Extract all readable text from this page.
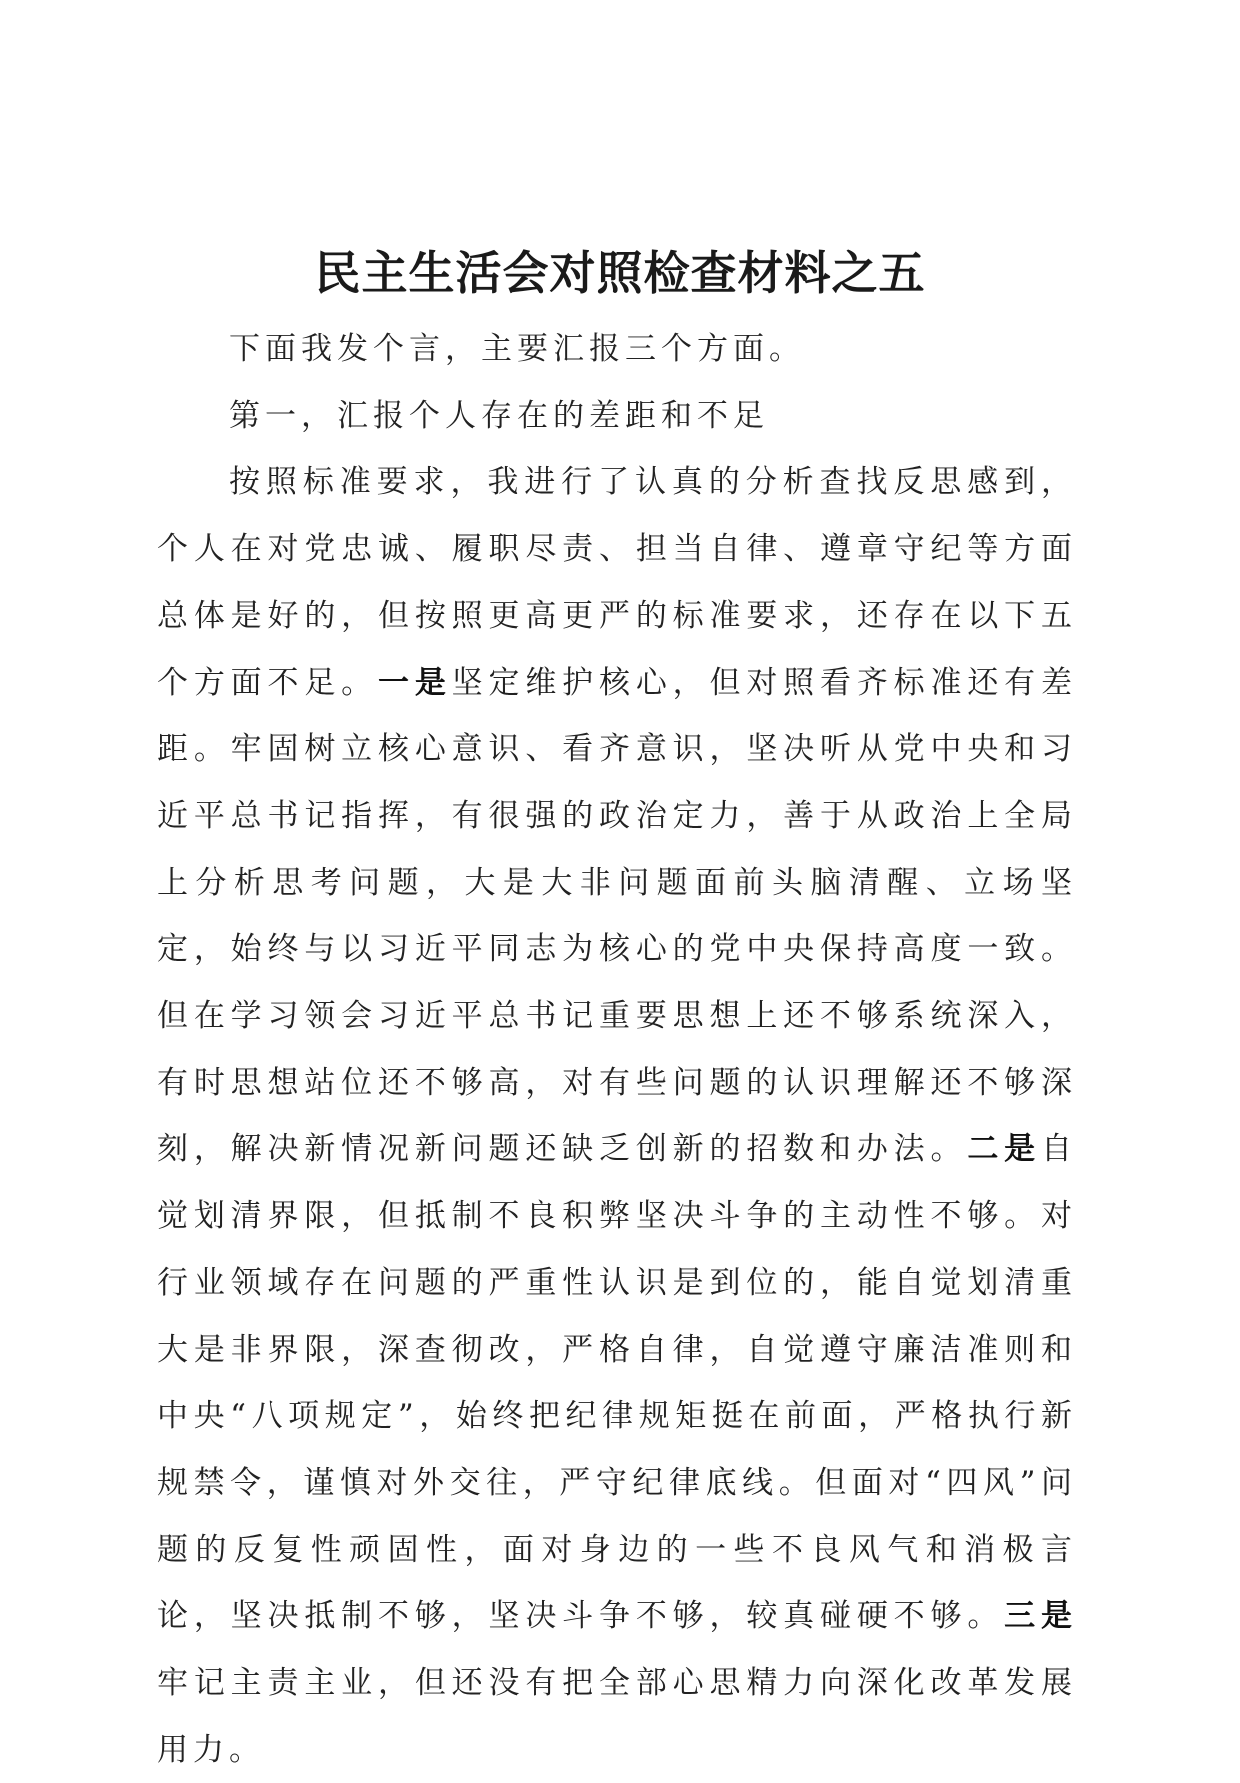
民主生活会对照检查材料之五

下面我发个言，主要汇报三个方面。

第一，汇报个人存在的差距和不足

按照标准要求，我进行了认真的分析查找反思感到，个人在对党忠诚、履职尽责、担当自律、遵章守纪等方面总体是好的，但按照更高更严的标准要求，还存在以下五个方面不足。一是坚定维护核心，但对照看齐标准还有差距。牢固树立核心意识、看齐意识，坚决听从党中央和习近平总书记指挥，有很强的政治定力，善于从政治上全局上分析思考问题，大是大非问题面前头脑清醒、立场坚定，始终与以习近平同志为核心的党中央保持高度一致。但在学习领会习近平总书记重要思想上还不够系统深入，有时思想站位还不够高，对有些问题的认识理解还不够深刻，解决新情况新问题还缺乏创新的招数和办法。二是自觉划清界限，但抵制不良积弊坚决斗争的主动性不够。对行业领域存在问题的严重性认识是到位的，能自觉划清重大是非界限，深查彻改，严格自律，自觉遵守廉洁准则和中央“八项规定”，始终把纪律规矩挺在前面，严格执行新规禁令，谨慎对外交往，严守纪律底线。但面对“四风”问题的反复性顽固性，面对身边的一些不良风气和消极言论，坚决抵制不够，坚决斗争不够，较真碰硬不够。三是牢记主责主业，但还没有把全部心思精力向深化改革发展用力。
